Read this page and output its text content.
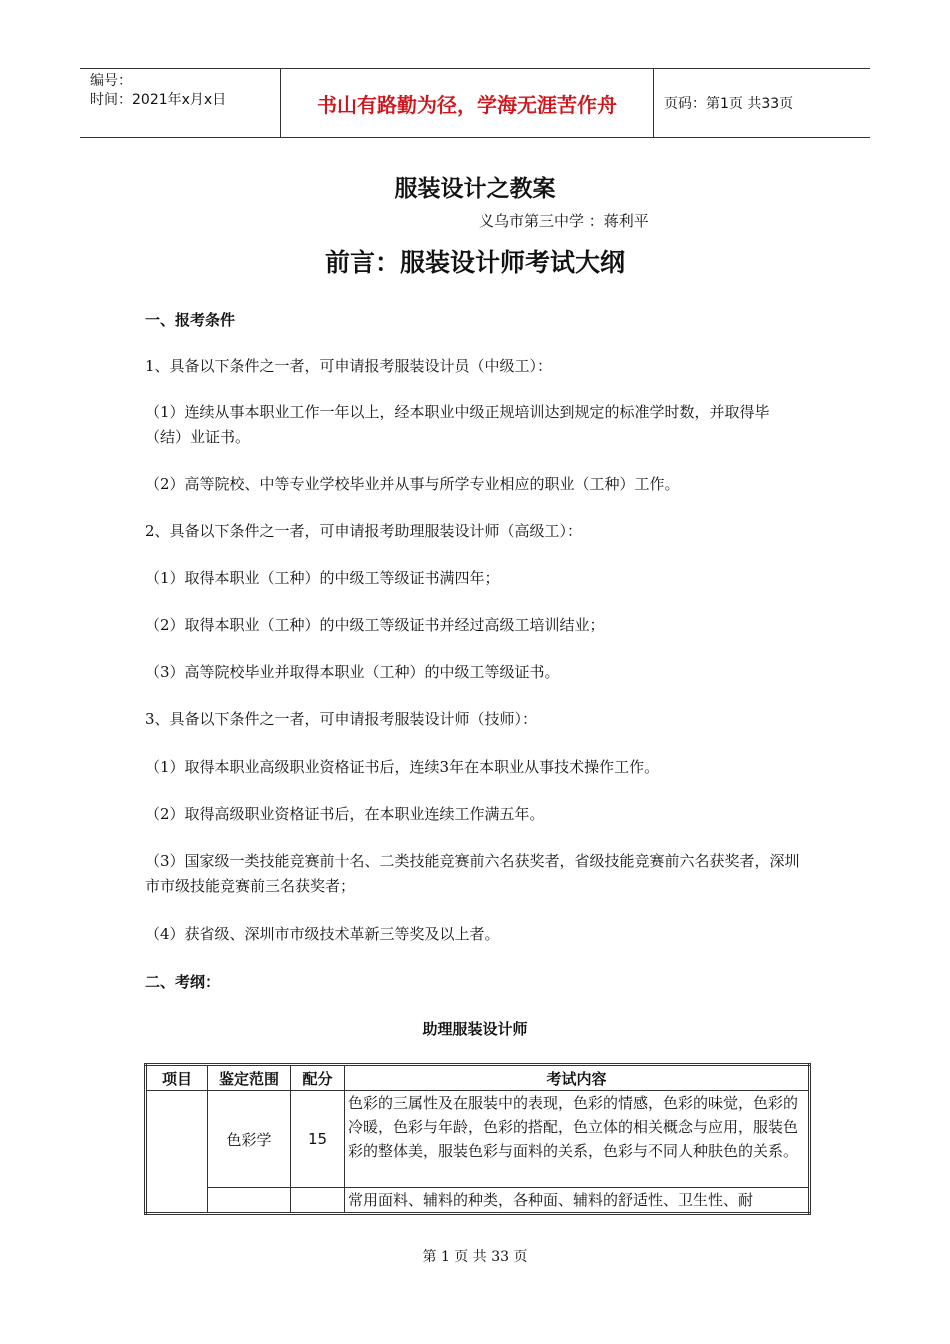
编号：
时间：2021年x月x日	书山有路勤为径，学海无涯苦作舟	页码：第1页 共33页
服装设计之教案
义乌市第三中学 ：蒋利平
前言：服装设计师考试大纲
一、报考条件
1、具备以下条件之一者，可申请报考服装设计员（中级工）：
（1）连续从事本职业工作一年以上，经本职业中级正规培训达到规定的标准学时数，并取得毕（结）业证书。
（2）高等院校、中等专业学校毕业并从事与所学专业相应的职业（工种）工作。
2、具备以下条件之一者，可申请报考助理服装设计师（高级工）：
（1）取得本职业（工种）的中级工等级证书满四年；
（2）取得本职业（工种）的中级工等级证书并经过高级工培训结业；
（3）高等院校毕业并取得本职业（工种）的中级工等级证书。
3、具备以下条件之一者，可申请报考服装设计师（技师）：
（1）取得本职业高级职业资格证书后，连续3年在本职业从事技术操作工作。
（2）取得高级职业资格证书后，在本职业连续工作满五年。
（3）国家级一类技能竞赛前十名、二类技能竞赛前六名获奖者，省级技能竞赛前六名获奖者，深圳市市级技能竞赛前三名获奖者；
（4）获省级、深圳市市级技术革新三等奖及以上者。
二、考纲：
助理服装设计师
项目	鉴定范围	配分	考试内容
	色彩学	15	色彩的三属性及在服装中的表现，色彩的情感，色彩的味觉，色彩的冷暖，色彩与年龄，色彩的搭配，色立体的相关概念与应用，服装色彩的整体美，服装色彩与面料的关系，色彩与不同人种肤色的关系。
			常用面料、辅料的种类，各种面、辅料的舒适性、卫生性、耐
第 1 页 共 33 页
